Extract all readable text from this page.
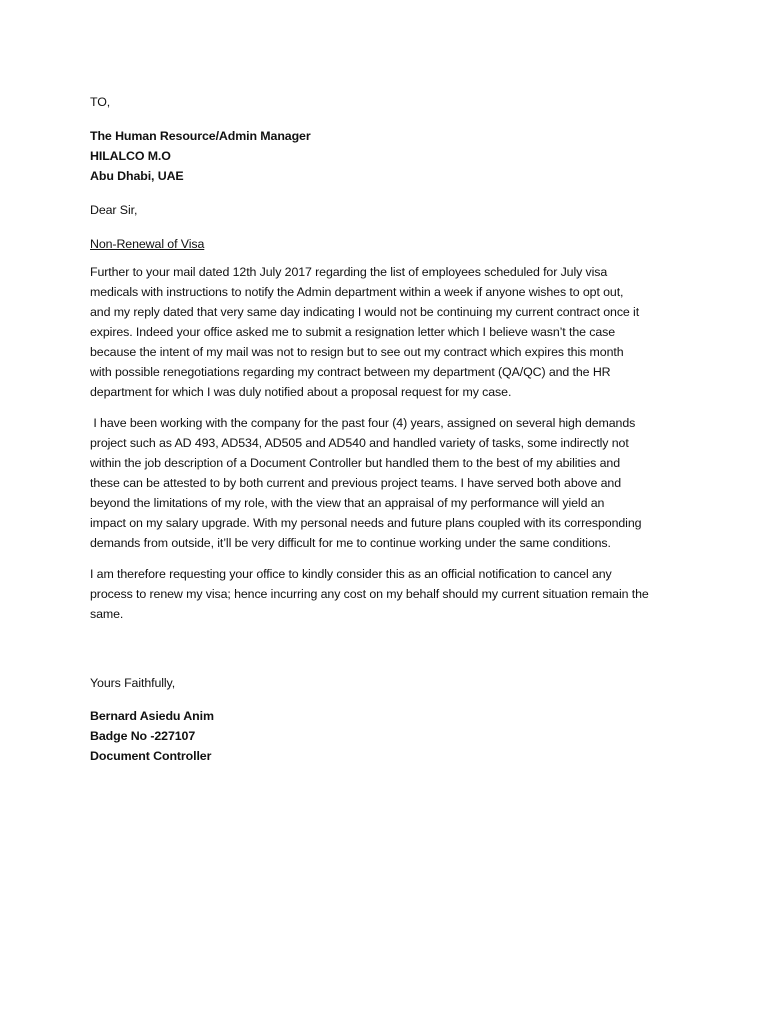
TO,
The Human Resource/Admin Manager
HILALCO M.O
Abu Dhabi, UAE
Dear Sir,
Non-Renewal of Visa
Further to your mail dated 12th July 2017 regarding the list of employees scheduled for July visa
medicals with instructions to notify the Admin department within a week if anyone wishes to opt out,
and my reply dated that very same day indicating I would not be continuing my current contract once it
expires. Indeed your office asked me to submit a resignation letter which I believe wasn’t the case
because the intent of my mail was not to resign but to see out my contract which expires this month
with possible renegotiations regarding my contract between my department (QA/QC) and the HR
department for which I was duly notified about a proposal request for my case.
I have been working with the company for the past four (4) years, assigned on several high demands
project such as AD 493, AD534, AD505 and AD540 and handled variety of tasks, some indirectly not
within the job description of a Document Controller but handled them to the best of my abilities and
these can be attested to by both current and previous project teams. I have served both above and
beyond the limitations of my role, with the view that an appraisal of my performance will yield an
impact on my salary upgrade. With my personal needs and future plans coupled with its corresponding
demands from outside, it’ll be very difficult for me to continue working under the same conditions.
I am therefore requesting your office to kindly consider this as an official notification to cancel any
process to renew my visa; hence incurring any cost on my behalf should my current situation remain the
same.
Yours Faithfully,
Bernard Asiedu Anim
Badge No -227107
Document Controller
